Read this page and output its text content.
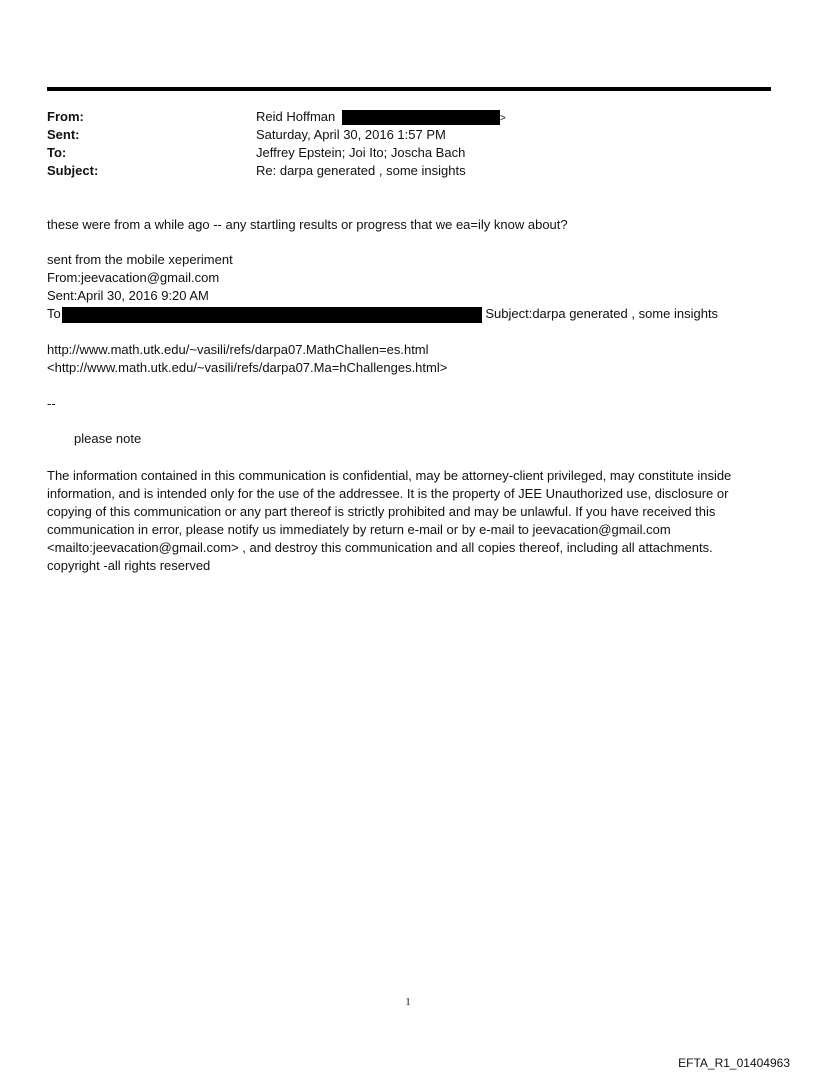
From:	Reid Hoffman	>
Sent:	Saturday, April 30, 2016 1:57 PM
To:	Jeffrey Epstein; Joi Ito; Joscha Bach
Subject:	Re: darpa generated , some insights
these were from a while ago -- any startling results or progress that we ea=ily know about?
sent from the mobile xeperiment
From:jeevacation@gmail.com
Sent:April 30, 2016 9:20 AM
To	Subject:darpa generated , some insights
http://www.math.utk.edu/~vasili/refs/darpa07.MathChallen=es.html
<http://www.math.utk.edu/~vasili/refs/darpa07.Ma=hChallenges.html>
--
please note
The information contained in this communication is confidential, may be attorney-client privileged, may constitute inside information, and is intended only for the use of the addressee. It is the property of JEE Unauthorized use, disclosure or copying of this communication or any part thereof is strictly prohibited and may be unlawful. If you have received this communication in error, please notify us immediately by return e-mail or by e-mail to jeevacation@gmail.com <mailto:jeevacation@gmail.com> , and destroy this communication and all copies thereof, including all attachments. copyright -all rights reserved
1
EFTA_R1_01404963
